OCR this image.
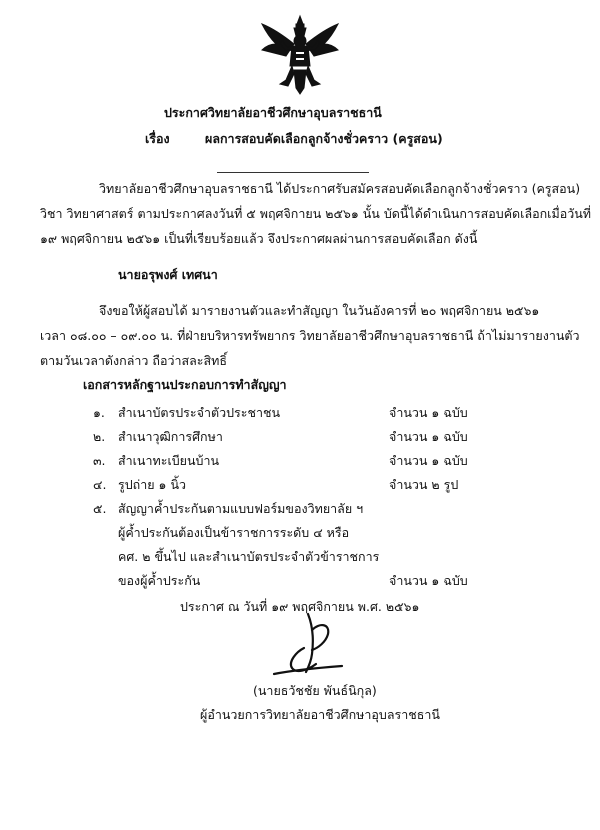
ประกาศวิทยาลัยอาชีวศึกษาอุบลราชธานี
เรื่อง	ผลการสอบคัดเลือกลูกจ้างชั่วคราว (ครูสอน)
วิทยาลัยอาชีวศึกษาอุบลราชธานี ได้ประกาศรับสมัครสอบคัดเลือกลูกจ้างชั่วคราว (ครูสอน)
วิชา วิทยาศาสตร์ ตามประกาศลงวันที่ ๕ พฤศจิกายน ๒๕๖๑ นั้น บัดนี้ได้ดำเนินการสอบคัดเลือกเมื่อวันที่
๑๙ พฤศจิกายน ๒๕๖๑ เป็นที่เรียบร้อยแล้ว จึงประกาศผลผ่านการสอบคัดเลือก ดังนี้
นายอรุพงศ์ เทศนา
จึงขอให้ผู้สอบได้ มารายงานตัวและทำสัญญา ในวันอังคารที่ ๒๐ พฤศจิกายน ๒๕๖๑
เวลา ๐๘.๐๐ – ๐๙.๐๐ น. ที่ฝ่ายบริหารทรัพยากร วิทยาลัยอาชีวศึกษาอุบลราชธานี ถ้าไม่มารายงานตัว
ตามวันเวลาดังกล่าว ถือว่าสละสิทธิ์
เอกสารหลักฐานประกอบการทำสัญญา
๑. สำเนาบัตรประจำตัวประชาชน	จำนวน ๑ ฉบับ
๒. สำเนาวุฒิการศึกษา	จำนวน ๑ ฉบับ
๓. สำเนาทะเบียนบ้าน	จำนวน ๑ ฉบับ
๔. รูปถ่าย ๑ นิ้ว	จำนวน ๒ รูป
๕. สัญญาค้ำประกันตามแบบฟอร์มของวิทยาลัย ฯ
ผู้ค้ำประกันต้องเป็นข้าราชการระดับ ๔ หรือ
คศ. ๒ ขึ้นไป และสำเนาบัตรประจำตัวข้าราชการ
ของผู้ค้ำประกัน	จำนวน ๑ ฉบับ
ประกาศ ณ วันที่ ๑๙ พฤศจิกายน พ.ศ. ๒๕๖๑
(นายธวัชชัย พันธ์นิกุล)
ผู้อำนวยการวิทยาลัยอาชีวศึกษาอุบลราชธานี
